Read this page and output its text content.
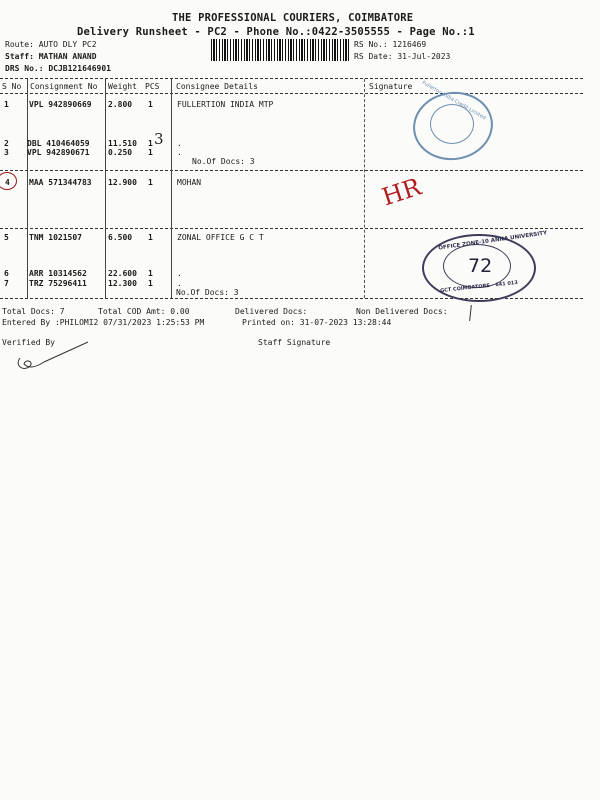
THE PROFESSIONAL COURIERS, COIMBATORE
Delivery Runsheet - PC2 - Phone No.:0422-3505555 - Page No.:1
Route: AUTO DLY PC2
Staff: MATHAN ANAND
DRS No.: DCJB121646901
RS No.: 1216469
RS Date: 31-Jul-2023
S No Consignment No Weight PCS Consignee Details	Signature
1	VPL 942890669 2.800 1	FULLERTION INDIA MTP
2 DBL 410464059 11.510 1	.
3 VPL 942890671 0.250 1	.
No.Of Docs: 3
3
4 MAA 571344783 12.900 1	MOHAN	HR
5	TNM 1021507	6.500 1	ZONAL OFFICE G C T
6	ARR 10314562	22.600 1	.
7	TRZ 75296411	12.300 1	.
No.Of Docs: 3
Fullerton India Credit Limited
OFFICE ZONE-10 ANNA UNIVERSITY
GCT COIMBATORE - 641 013
72
Total Docs: 7	Total COD Amt: 0.00	Delivered Docs:	Non Delivered Docs:
Entered By :PHILOMI2 07/31/2023 1:25:53 PM	Printed on: 31-07-2023 13:28:44
Verified By	Staff Signature
